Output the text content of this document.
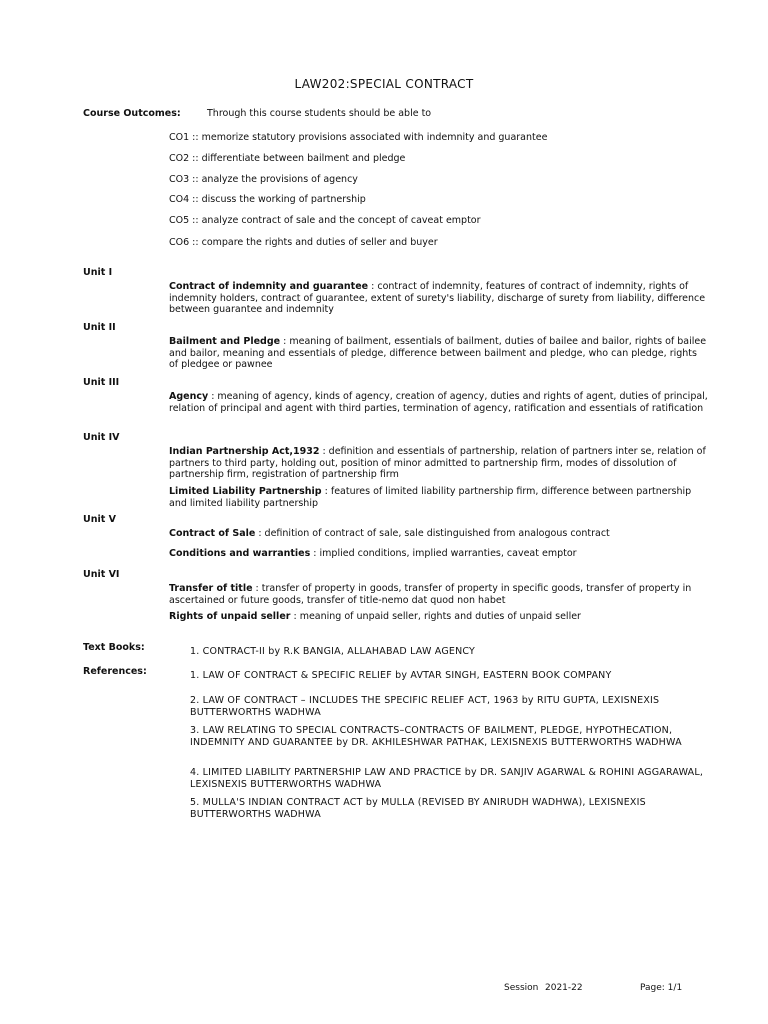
LAW202:SPECIAL CONTRACT
Course Outcomes:	Through this course students should be able to
CO1 :: memorize statutory provisions associated with indemnity and guarantee
CO2 :: differentiate between bailment and pledge
CO3 :: analyze the provisions of agency
CO4 :: discuss the working of partnership
CO5 :: analyze contract of sale and the concept of caveat emptor
CO6 :: compare the rights and duties of seller and buyer
Unit I
Contract of indemnity and guarantee : contract of indemnity, features of contract of indemnity, rights of indemnity holders, contract of guarantee, extent of surety's liability, discharge of surety from liability, difference between guarantee and indemnity
Unit II
Bailment and Pledge : meaning of bailment, essentials of bailment, duties of bailee and bailor, rights of bailee and bailor, meaning and essentials of pledge, difference between bailment and pledge, who can pledge, rights of pledgee or pawnee
Unit III
Agency : meaning of agency, kinds of agency, creation of agency, duties and rights of agent, duties of principal, relation of principal and agent with third parties, termination of agency, ratification and essentials of ratification
Unit IV
Indian Partnership Act,1932 : definition and essentials of partnership, relation of partners inter se, relation of partners to third party, holding out, position of minor admitted to partnership firm, modes of dissolution of partnership firm, registration of partnership firm
Limited Liability Partnership : features of limited liability partnership firm, difference between partnership and limited liability partnership
Unit V
Contract of Sale : definition of contract of sale, sale distinguished from analogous contract
Conditions and warranties : implied conditions, implied warranties, caveat emptor
Unit VI
Transfer of title : transfer of property in goods, transfer of property in specific goods, transfer of property in ascertained or future goods, transfer of title-nemo dat quod non habet
Rights of unpaid seller : meaning of unpaid seller, rights and duties of unpaid seller
Text Books:	1. CONTRACT-II by R.K BANGIA, ALLAHABAD LAW AGENCY
References:	1. LAW OF CONTRACT & SPECIFIC RELIEF by AVTAR SINGH, EASTERN BOOK COMPANY
2. LAW OF CONTRACT – INCLUDES THE SPECIFIC RELIEF ACT, 1963 by RITU GUPTA, LEXISNEXIS BUTTERWORTHS WADHWA
3. LAW RELATING TO SPECIAL CONTRACTS–CONTRACTS OF BAILMENT, PLEDGE, HYPOTHECATION, INDEMNITY AND GUARANTEE by DR. AKHILESHWAR PATHAK, LEXISNEXIS BUTTERWORTHS WADHWA
4. LIMITED LIABILITY PARTNERSHIP LAW AND PRACTICE by DR. SANJIV AGARWAL & ROHINI AGGARAWAL, LEXISNEXIS BUTTERWORTHS WADHWA
5. MULLA'S INDIAN CONTRACT ACT by MULLA (REVISED BY ANIRUDH WADHWA), LEXISNEXIS BUTTERWORTHS WADHWA
Session 2021-22	Page: 1/1
